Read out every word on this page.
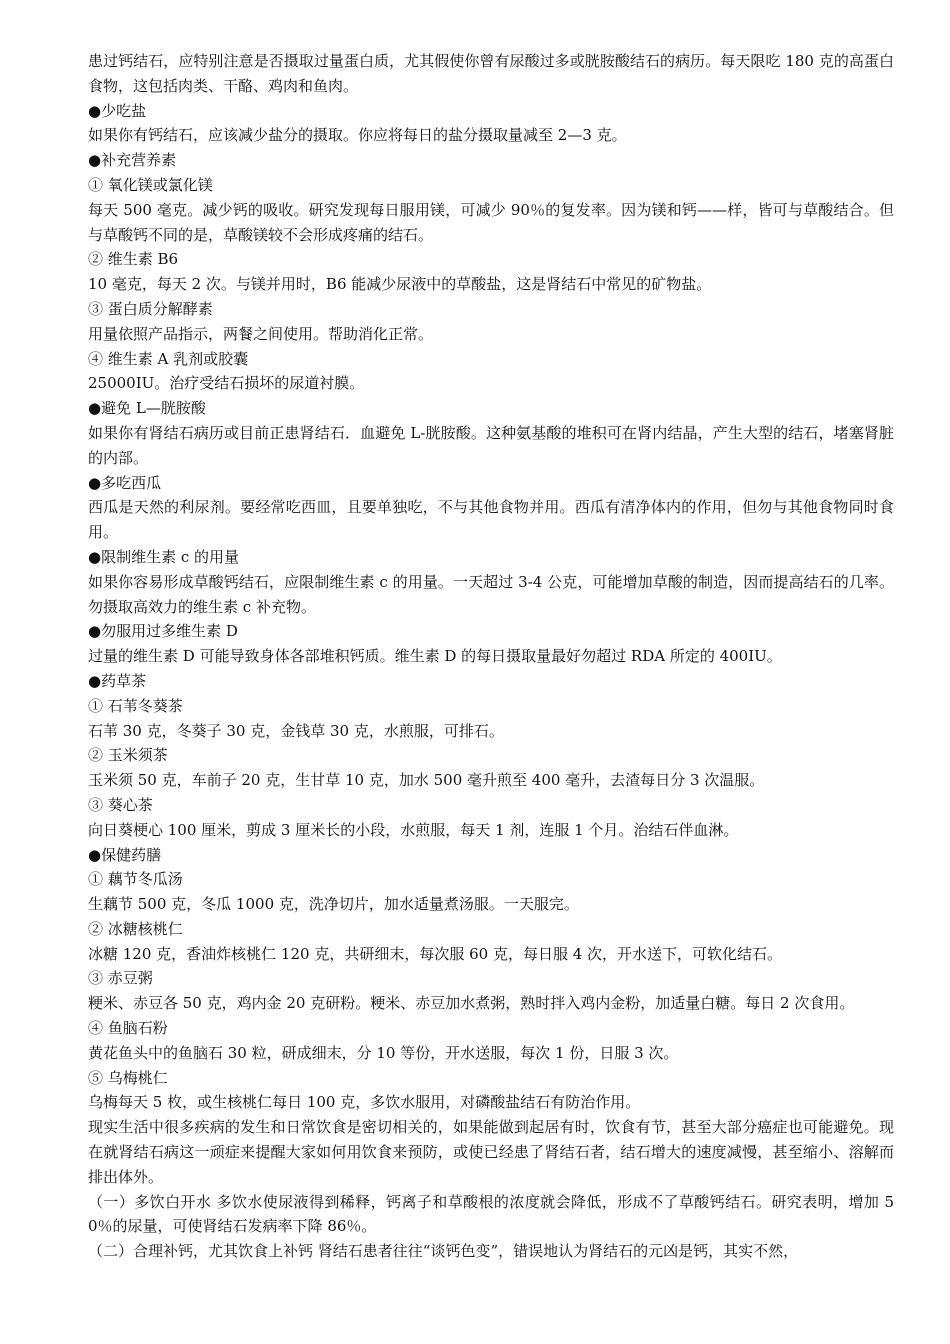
患过钙结石，应特别注意是否摄取过量蛋白质，尤其假使你曾有尿酸过多或胱胺酸结石的病历。每天限吃 180 克的高蛋白食物，这包括肉类、干酪、鸡肉和鱼肉。

●少吃盐

如果你有钙结石，应该减少盐分的摄取。你应将每日的盐分摄取量减至 2—3 克。

●补充营养素

① 氧化镁或氯化镁

每天 500 毫克。减少钙的吸收。研究发现每日服用镁，可减少 90％的复发率。因为镁和钙——样，皆可与草酸结合。但与草酸钙不同的是，草酸镁较不会形成疼痛的结石。

② 维生素 B6

10 毫克，每天 2 次。与镁并用时，B6 能减少尿液中的草酸盐，这是肾结石中常见的矿物盐。

③ 蛋白质分解酵素

用量依照产品指示，两餐之间使用。帮助消化正常。

④ 维生素 A 乳剂或胶囊

25000IU。治疗受结石损坏的尿道衬膜。

●避免 L—胱胺酸

如果你有肾结石病历或目前正患肾结石．血避免 L-胱胺酸。这种氨基酸的堆积可在肾内结晶，产生大型的结石，堵塞肾脏的内部。

●多吃西瓜

西瓜是天然的利尿剂。要经常吃西皿，且要单独吃，不与其他食物并用。西瓜有清净体内的作用，但勿与其他食物同时食用。

●限制维生素 c 的用量

如果你容易形成草酸钙结石，应限制维生素 c 的用量。一天超过 3-4 公克，可能增加草酸的制造，因而提高结石的几率。勿摄取高效力的维生素 c 补充物。

●勿服用过多维生素 D

过量的维生素 D 可能导致身体各部堆积钙质。维生素 D 的每日摄取量最好勿超过 RDA 所定的 400IU。

●药草茶

① 石苇冬葵茶

石苇 30 克，冬葵子 30 克，金钱草 30 克，水煎服，可排石。

② 玉米须茶

玉米须 50 克，车前子 20 克，生甘草 10 克，加水 500 毫升煎至 400 毫升，去渣每日分 3 次温服。

③ 葵心茶

向日葵梗心 100 厘米，剪成 3 厘米长的小段，水煎服，每天 1 剂，连服 1 个月。治结石伴血淋。

●保健药膳

① 藕节冬瓜汤

生藕节 500 克，冬瓜 1000 克，洗净切片，加水适量煮汤服。一天服完。

② 冰糖核桃仁

冰糖 120 克，香油炸核桃仁 120 克，共研细末，每次服 60 克，每日服 4 次，开水送下，可软化结石。

③ 赤豆粥

粳米、赤豆各 50 克，鸡内金 20 克研粉。粳米、赤豆加水煮粥，熟时拌入鸡内金粉，加适量白糖。每日 2 次食用。

④ 鱼脑石粉

黄花鱼头中的鱼脑石 30 粒，研成细末，分 10 等份，开水送服，每次 1 份，日服 3 次。

⑤ 乌梅桃仁

乌梅每天 5 枚，或生核桃仁每日 100 克，多饮水服用，对磷酸盐结石有防治作用。

现实生活中很多疾病的发生和日常饮食是密切相关的，如果能做到起居有时，饮食有节，甚至大部分癌症也可能避免。现在就肾结石病这一顽症来提醒大家如何用饮食来预防，或使已经患了肾结石者，结石增大的速度减慢，甚至缩小、溶解而排出体外。

（一）多饮白开水 多饮水使尿液得到稀释，钙离子和草酸根的浓度就会降低，形成不了草酸钙结石。研究表明，增加 50％的尿量，可使肾结石发病率下降 86％。

（二）合理补钙，尤其饮食上补钙 肾结石患者往往“谈钙色变”，错误地认为肾结石的元凶是钙，其实不然，
